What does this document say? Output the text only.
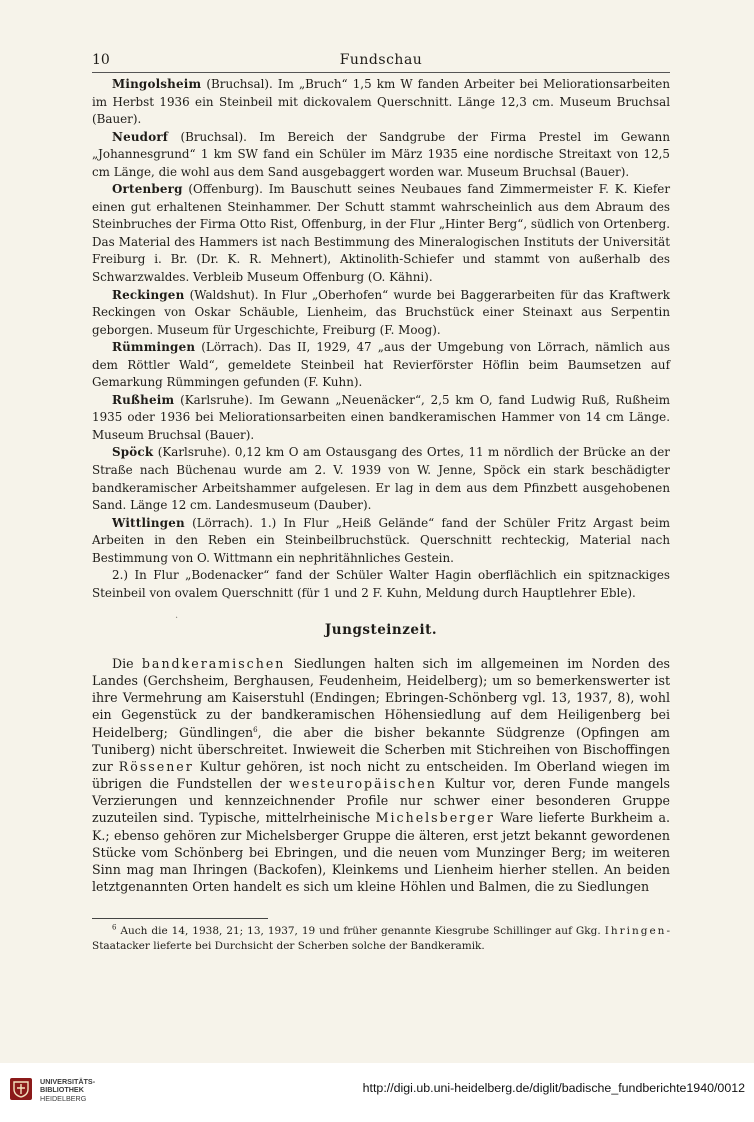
10	Fundschau

Mingolsheim (Bruchsal). Im „Bruch“ 1,5 km W fanden Arbeiter bei Meliorationsarbeiten im Herbst 1936 ein Steinbeil mit dickovalem Querschnitt. Länge 12,3 cm. Museum Bruchsal (Bauer).

Neudorf (Bruchsal). Im Bereich der Sandgrube der Firma Prestel im Gewann „Johannesgrund“ 1 km SW fand ein Schüler im März 1935 eine nordische Streitaxt von 12,5 cm Länge, die wohl aus dem Sand ausgebaggert worden war. Museum Bruchsal (Bauer).

Ortenberg (Offenburg). Im Bauschutt seines Neubaues fand Zimmermeister F. K. Kiefer einen gut erhaltenen Steinhammer. Der Schutt stammt wahrscheinlich aus dem Abraum des Steinbruches der Firma Otto Rist, Offenburg, in der Flur „Hinter Berg“, südlich von Ortenberg. Das Material des Hammers ist nach Bestimmung des Mineralogischen Instituts der Universität Freiburg i. Br. (Dr. K. R. Mehnert), Aktinolith-Schiefer und stammt von außerhalb des Schwarzwaldes. Verbleib Museum Offenburg (O. Kähni).

Reckingen (Waldshut). In Flur „Oberhofen“ wurde bei Baggerarbeiten für das Kraftwerk Reckingen von Oskar Schäuble, Lienheim, das Bruchstück einer Steinaxt aus Serpentin geborgen. Museum für Urgeschichte, Freiburg (F. Moog).

Rümmingen (Lörrach). Das II, 1929, 47 „aus der Umgebung von Lörrach, nämlich aus dem Röttler Wald“, gemeldete Steinbeil hat Revierförster Höflin beim Baumsetzen auf Gemarkung Rümmingen gefunden (F. Kuhn).

Rußheim (Karlsruhe). Im Gewann „Neuenäcker“, 2,5 km O, fand Ludwig Ruß, Rußheim 1935 oder 1936 bei Meliorationsarbeiten einen bandkeramischen Hammer von 14 cm Länge. Museum Bruchsal (Bauer).

Spöck (Karlsruhe). 0,12 km O am Ostausgang des Ortes, 11 m nördlich der Brücke an der Straße nach Büchenau wurde am 2. V. 1939 von W. Jenne, Spöck ein stark beschädigter bandkeramischer Arbeitshammer aufgelesen. Er lag in dem aus dem Pfinzbett ausgehobenen Sand. Länge 12 cm. Landesmuseum (Dauber).

Wittlingen (Lörrach). 1.) In Flur „Heiß Gelände“ fand der Schüler Fritz Argast beim Arbeiten in den Reben ein Steinbeilbruchstück. Querschnitt rechteckig, Material nach Bestimmung von O. Wittmann ein nephritähnliches Gestein.

2.) In Flur „Bodenacker“ fand der Schüler Walter Hagin oberflächlich ein spitznackiges Steinbeil von ovalem Querschnitt (für 1 und 2 F. Kuhn, Meldung durch Hauptlehrer Eble).

·
Jungsteinzeit.

Die bandkeramischen Siedlungen halten sich im allgemeinen im Norden des Landes (Gerchsheim, Berghausen, Feudenheim, Heidelberg); um so bemerkenswerter ist ihre Vermehrung am Kaiserstuhl (Endingen; Ebringen-Schönberg vgl. 13, 1937, 8), wohl ein Gegenstück zu der bandkeramischen Höhensiedlung auf dem Heiligenberg bei Heidelberg; Gündlingen$^6$, die aber die bisher bekannte Südgrenze (Opfingen am Tuniberg) nicht überschreitet. Inwieweit die Scherben mit Stichreihen von Bischoffingen zur Rössener Kultur gehören, ist noch nicht zu entscheiden. Im Oberland wiegen im übrigen die Fundstellen der westeuropäischen Kultur vor, deren Funde mangels Verzierungen und kennzeichnender Profile nur schwer einer besonderen Gruppe zuzuteilen sind. Typische, mittelrheinische Michelsberger Ware lieferte Burkheim a. K.; ebenso gehören zur Michelsberger Gruppe die älteren, erst jetzt bekannt gewordenen Stücke vom Schönberg bei Ebringen, und die neuen vom Munzinger Berg; im weiteren Sinn mag man Ihringen (Backofen), Kleinkems und Lienheim hierher stellen. An beiden letztgenannten Orten handelt es sich um kleine Höhlen und Balmen, die zu Siedlungen

$^6$ Auch die 14, 1938, 21; 13, 1937, 19 und früher genannte Kiesgrube Schillinger auf Gkg. Ihringen-Staatacker lieferte bei Durchsicht der Scherben solche der Bandkeramik.

UNIVERSITÄTS-
BIBLIOTHEK
HEIDELBERG
http://digi.ub.uni-heidelberg.de/diglit/badische_fundberichte1940/0012
